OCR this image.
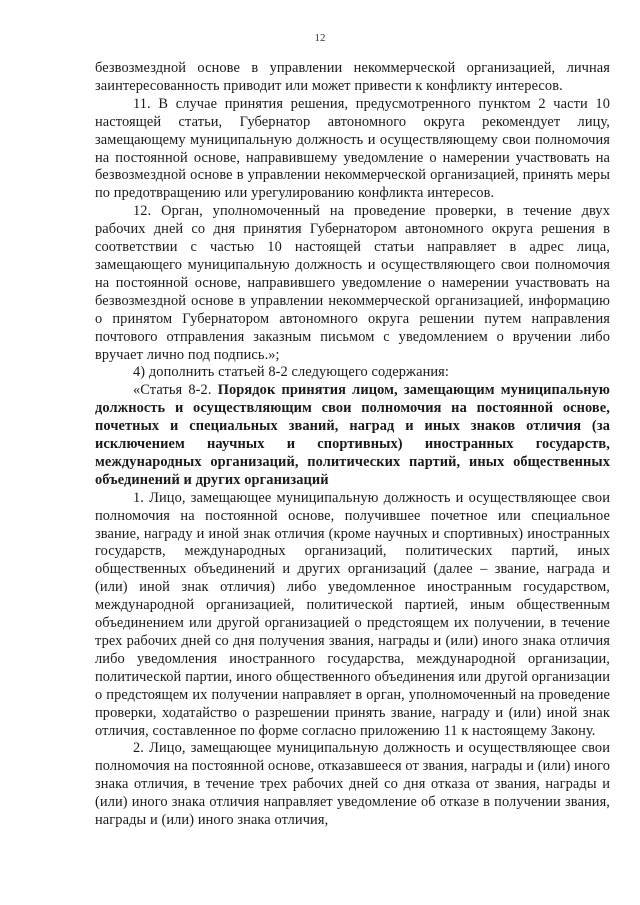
12

безвозмездной основе в управлении некоммерческой организацией, личная заинтересованность приводит или может привести к конфликту интересов.

11. В случае принятия решения, предусмотренного пунктом 2 части 10 настоящей статьи, Губернатор автономного округа рекомендует лицу, замещающему муниципальную должность и осуществляющему свои полномочия на постоянной основе, направившему уведомление о намерении участвовать на безвозмездной основе в управлении некоммерческой организацией, принять меры по предотвращению или урегулированию конфликта интересов.

12. Орган, уполномоченный на проведение проверки, в течение двух рабочих дней со дня принятия Губернатором автономного округа решения в соответствии с частью 10 настоящей статьи направляет в адрес лица, замещающего муниципальную должность и осуществляющего свои полномочия на постоянной основе, направившего уведомление о намерении участвовать на безвозмездной основе в управлении некоммерческой организацией, информацию о принятом Губернатором автономного округа решении путем направления почтового отправления заказным письмом с уведомлением о вручении либо вручает лично под подпись.»;

4) дополнить статьей 8-2 следующего содержания:

«Статья 8-2. Порядок принятия лицом, замещающим муниципальную должность и осуществляющим свои полномочия на постоянной основе, почетных и специальных званий, наград и иных знаков отличия (за исключением научных и спортивных) иностранных государств, международных организаций, политических партий, иных общественных объединений и других организаций

1. Лицо, замещающее муниципальную должность и осуществляющее свои полномочия на постоянной основе, получившее почетное или специальное звание, награду и иной знак отличия (кроме научных и спортивных) иностранных государств, международных организаций, политических партий, иных общественных объединений и других организаций (далее – звание, награда и (или) иной знак отличия) либо уведомленное иностранным государством, международной организацией, политической партией, иным общественным объединением или другой организацией о предстоящем их получении, в течение трех рабочих дней со дня получения звания, награды и (или) иного знака отличия либо уведомления иностранного государства, международной организации, политической партии, иного общественного объединения или другой организации о предстоящем их получении направляет в орган, уполномоченный на проведение проверки, ходатайство о разрешении принять звание, награду и (или) иной знак отличия, составленное по форме согласно приложению 11 к настоящему Закону.

2. Лицо, замещающее муниципальную должность и осуществляющее свои полномочия на постоянной основе, отказавшееся от звания, награды и (или) иного знака отличия, в течение трех рабочих дней со дня отказа от звания, награды и (или) иного знака отличия направляет уведомление об отказе в получении звания, награды и (или) иного знака отличия,
